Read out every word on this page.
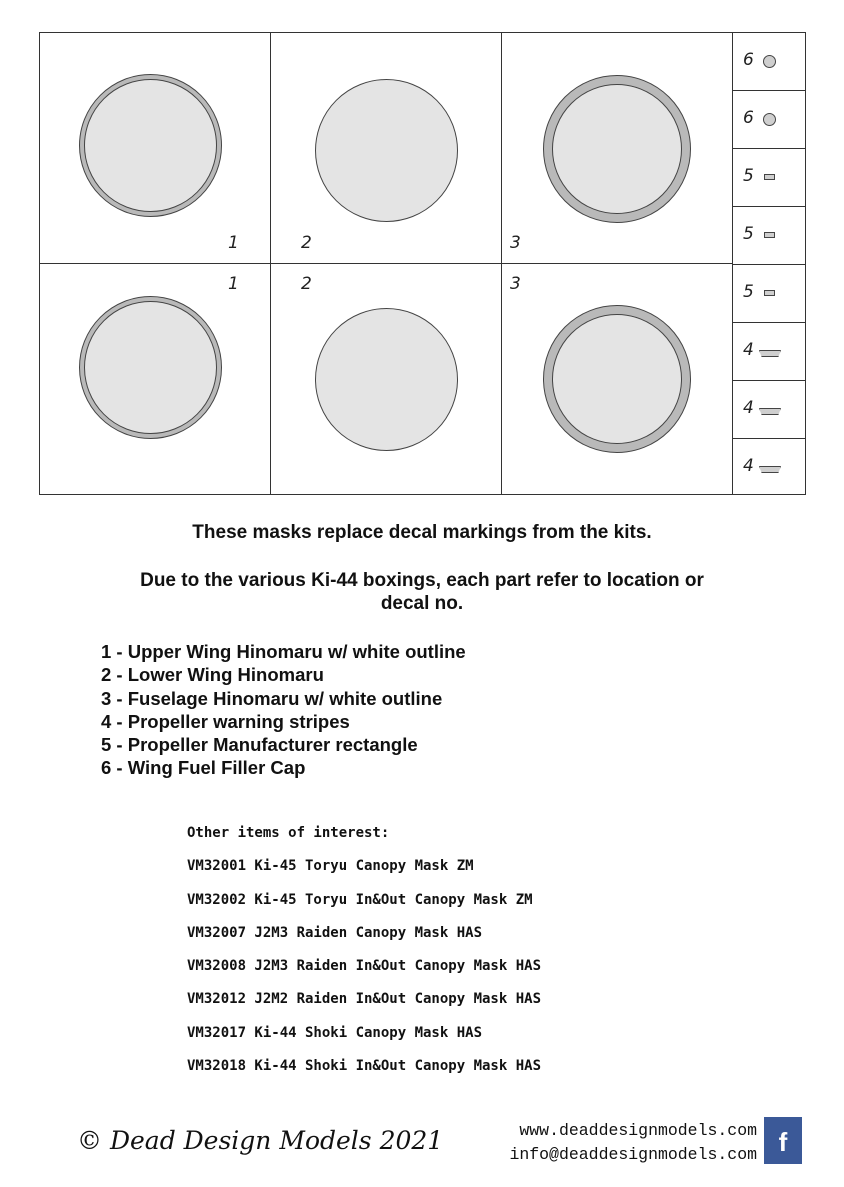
1	2	3
1	2	3
6
6
5
5
5
4
4
4
These masks replace decal markings from the kits.
Due to the various Ki-44 boxings, each part refer to location or
decal no.
1 - Upper Wing Hinomaru w/ white outline
2 - Lower Wing Hinomaru
3 - Fuselage Hinomaru w/ white outline
4 - Propeller warning stripes
5 - Propeller Manufacturer rectangle
6 - Wing Fuel Filler Cap
Other items of interest:
VM32001 Ki-45 Toryu Canopy Mask ZM
VM32002 Ki-45 Toryu In&Out Canopy Mask ZM
VM32007 J2M3 Raiden Canopy Mask HAS
VM32008 J2M3 Raiden In&Out Canopy Mask HAS
VM32012 J2M2 Raiden In&Out Canopy Mask HAS
VM32017 Ki-44 Shoki Canopy Mask HAS
VM32018 Ki-44 Shoki In&Out Canopy Mask HAS
© Dead Design Models 2021	www.deaddesignmodels.com
info@deaddesignmodels.com f
